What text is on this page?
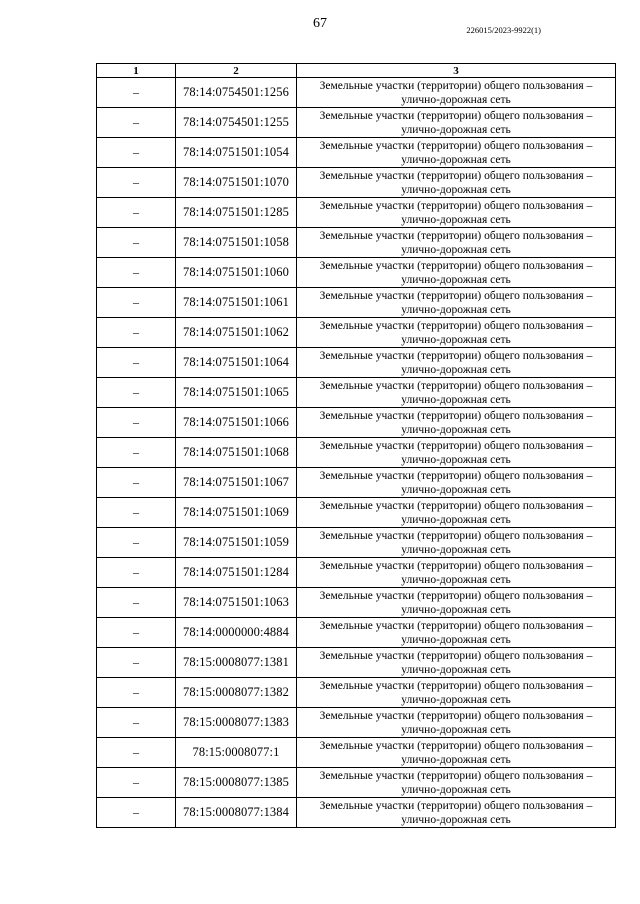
67	226015/2023-9922(1)
1	2	3
–	78:14:0754501:1256	Земельные участки (территории) общего пользования –
улично-дорожная сеть

–	78:14:0754501:1255	Земельные участки (территории) общего пользования –
улично-дорожная сеть

–	78:14:0751501:1054	Земельные участки (территории) общего пользования –
улично-дорожная сеть

–	78:14:0751501:1070	Земельные участки (территории) общего пользования –
улично-дорожная сеть

–	78:14:0751501:1285	Земельные участки (территории) общего пользования –
улично-дорожная сеть

–	78:14:0751501:1058	Земельные участки (территории) общего пользования –
улично-дорожная сеть

–	78:14:0751501:1060	Земельные участки (территории) общего пользования –
улично-дорожная сеть

–	78:14:0751501:1061	Земельные участки (территории) общего пользования –
улично-дорожная сеть

–	78:14:0751501:1062	Земельные участки (территории) общего пользования –
улично-дорожная сеть

–	78:14:0751501:1064	Земельные участки (территории) общего пользования –
улично-дорожная сеть

–	78:14:0751501:1065	Земельные участки (территории) общего пользования –
улично-дорожная сеть

–	78:14:0751501:1066	Земельные участки (территории) общего пользования –
улично-дорожная сеть

–	78:14:0751501:1068	Земельные участки (территории) общего пользования –
улично-дорожная сеть

–	78:14:0751501:1067	Земельные участки (территории) общего пользования –
улично-дорожная сеть

–	78:14:0751501:1069	Земельные участки (территории) общего пользования –
улично-дорожная сеть

–	78:14:0751501:1059	Земельные участки (территории) общего пользования –
улично-дорожная сеть

–	78:14:0751501:1284	Земельные участки (территории) общего пользования –
улично-дорожная сеть

–	78:14:0751501:1063	Земельные участки (территории) общего пользования –
улично-дорожная сеть

–	78:14:0000000:4884	Земельные участки (территории) общего пользования –
улично-дорожная сеть

–	78:15:0008077:1381	Земельные участки (территории) общего пользования –
улично-дорожная сеть

–	78:15:0008077:1382	Земельные участки (территории) общего пользования –
улично-дорожная сеть

–	78:15:0008077:1383	Земельные участки (территории) общего пользования –
улично-дорожная сеть

–	78:15:0008077:1	Земельные участки (территории) общего пользования –
улично-дорожная сеть

–	78:15:0008077:1385	Земельные участки (территории) общего пользования –
улично-дорожная сеть

–	78:15:0008077:1384	Земельные участки (территории) общего пользования –
улично-дорожная сеть
